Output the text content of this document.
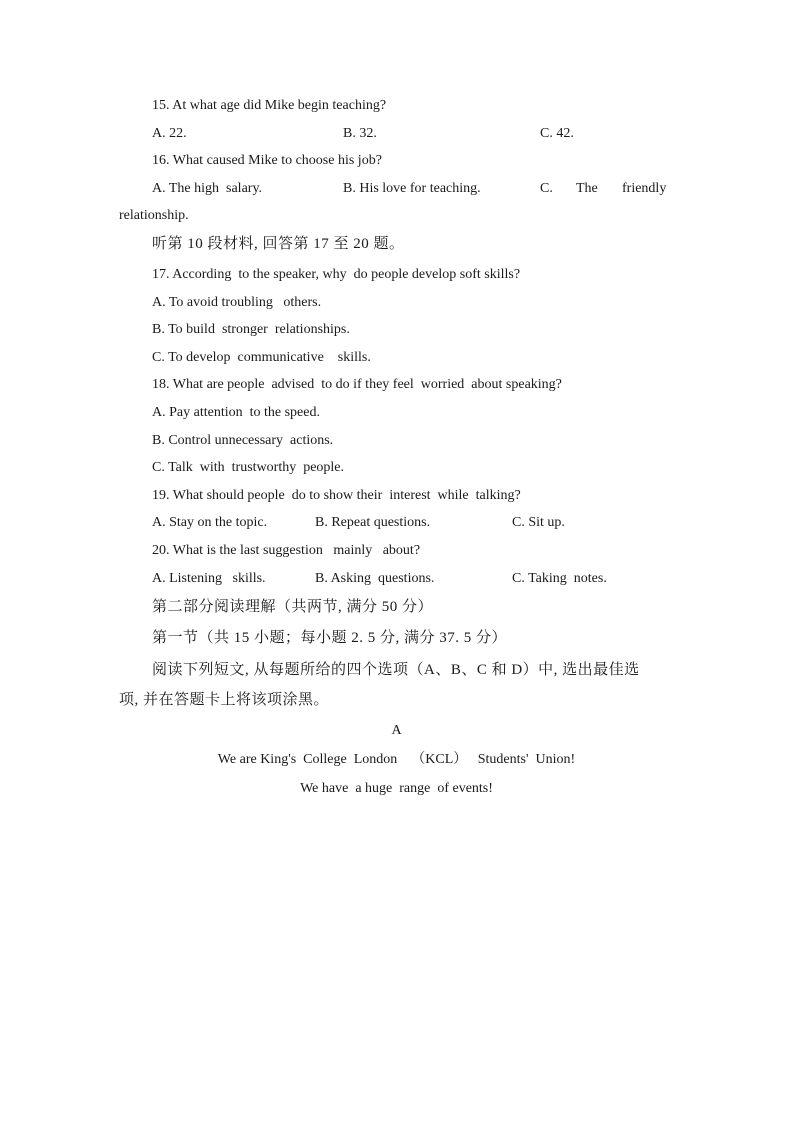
15. At what age did Mike begin teaching?
A. 22.	B. 32.	C. 42.
16. What caused Mike to choose his job?
A. The high  salary.	B. His love for teaching.	C. The friendly
relationship.
听第 10 段材料, 回答第 17 至 20 题。
17. According  to the speaker, why  do people develop soft skills?
A. To avoid troubling   others.
B. To build  stronger  relationships.
C. To develop  communicative    skills.
18. What are people  advised  to do if they feel  worried  about speaking?
A. Pay attention  to the speed.
B. Control unnecessary  actions.
C. Talk  with  trustworthy  people.
19. What should people  do to show their  interest  while  talking?
A. Stay on the topic.	B. Repeat questions.	C. Sit up.
20. What is the last suggestion   mainly   about?
A. Listening   skills.	B. Asking  questions.	C. Taking  notes.
第二部分阅读理解（共两节, 满分 50 分）
第一节（共 15 小题；每小题 2. 5 分, 满分 37. 5 分）
阅读下列短文, 从每题所给的四个选项（A、B、C 和 D）中, 选出最佳选
项, 并在答题卡上将该项涂黑。
A
We are King's  College  London    （KCL）   Students'  Union!
We have  a huge  range  of events!
